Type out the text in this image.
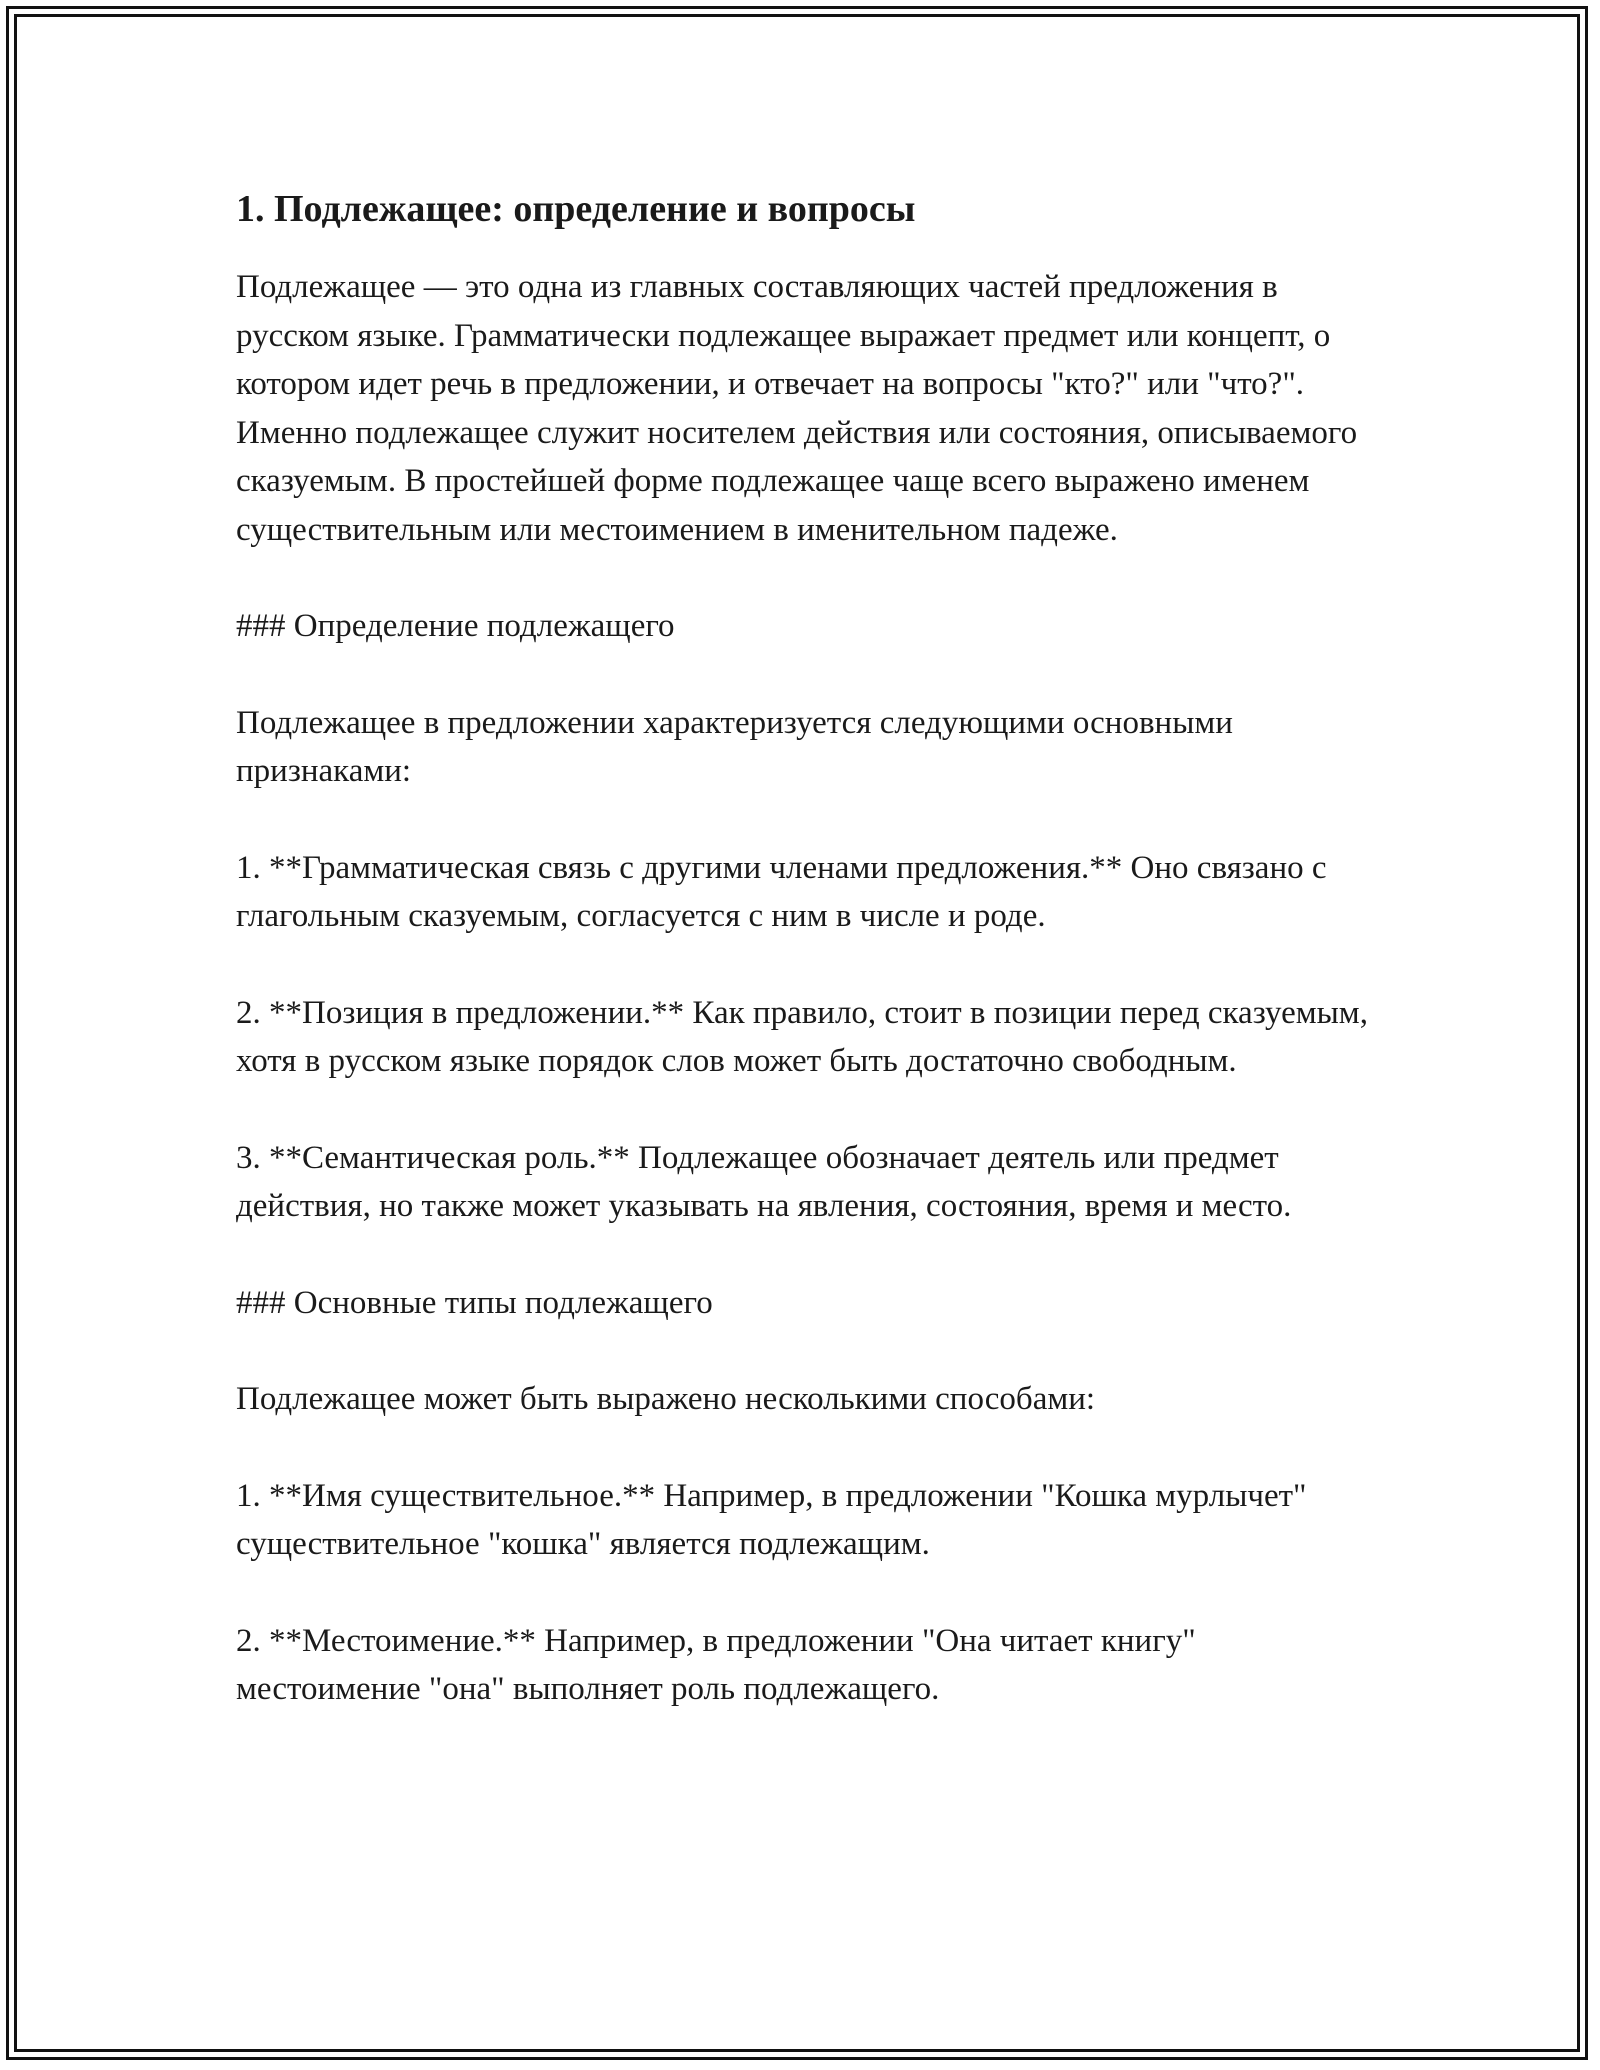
1. Подлежащее: определение и вопросы

Подлежащее — это одна из главных составляющих частей предложения в русском языке. Грамматически подлежащее выражает предмет или концепт, о котором идет речь в предложении, и отвечает на вопросы "кто?" или "что?". Именно подлежащее служит носителем действия или состояния, описываемого сказуемым. В простейшей форме подлежащее чаще всего выражено именем существительным или местоимением в именительном падеже.

### Определение подлежащего

Подлежащее в предложении характеризуется следующими основными признаками:

1. **Грамматическая связь с другими членами предложения.** Оно связано с глагольным сказуемым, согласуется с ним в числе и роде.

2. **Позиция в предложении.** Как правило, стоит в позиции перед сказуемым, хотя в русском языке порядок слов может быть достаточно свободным.

3. **Семантическая роль.** Подлежащее обозначает деятель или предмет действия, но также может указывать на явления, состояния, время и место.

### Основные типы подлежащего

Подлежащее может быть выражено несколькими способами:

1. **Имя существительное.** Например, в предложении "Кошка мурлычет" существительное "кошка" является подлежащим.

2. **Местоимение.** Например, в предложении "Она читает книгу" местоимение "она" выполняет роль подлежащего.
